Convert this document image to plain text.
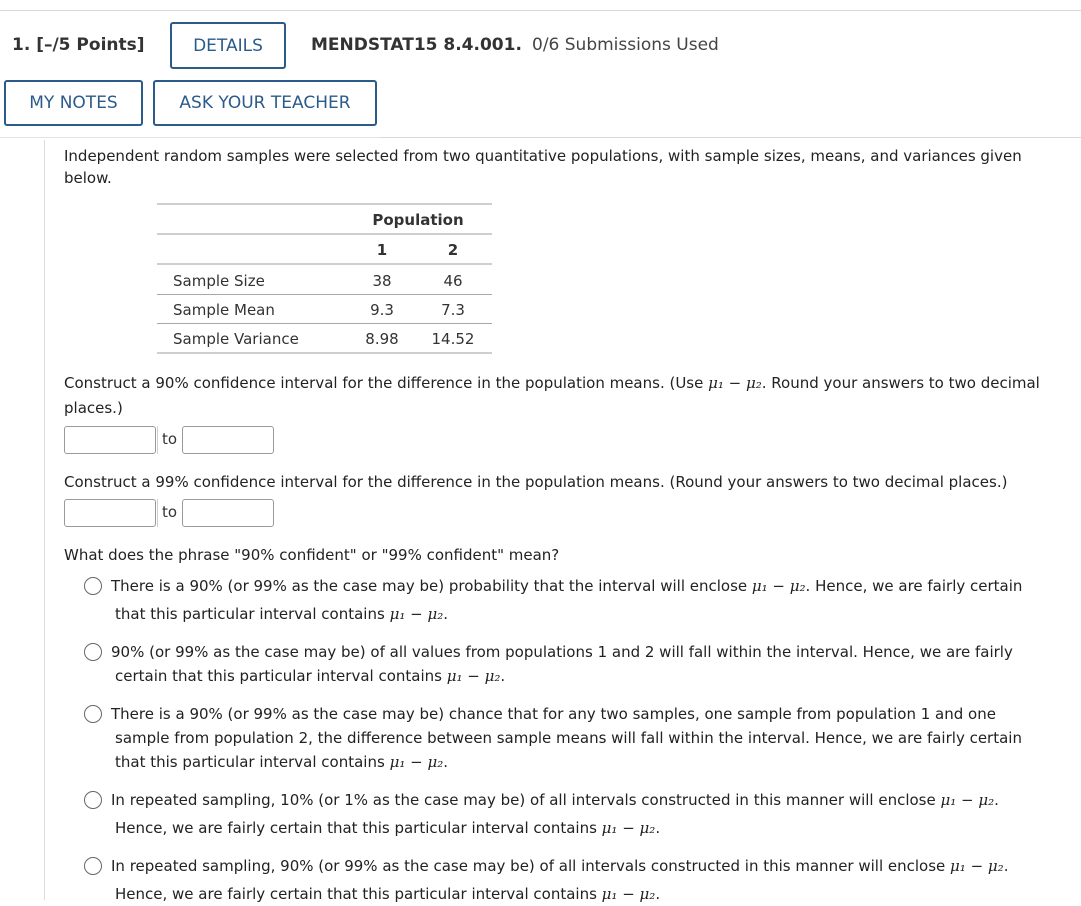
1. [–/5 Points]	DETAILS	MENDSTAT15 8.4.001. 0/6 Submissions Used
MY NOTES	ASK YOUR TEACHER
Independent random samples were selected from two quantitative populations, with sample sizes, means, and variances given
below.
Population
1	2
Sample Size	38	46
Sample Mean	9.3	7.3
Sample Variance	8.98	14.52
Construct a 90% confidence interval for the difference in the population means. (Use μ₁ − μ₂. Round your answers to two decimal
places.)
to
Construct a 99% confidence interval for the difference in the population means. (Round your answers to two decimal places.)
to
What does the phrase "90% confident" or "99% confident" mean?
There is a 90% (or 99% as the case may be) probability that the interval will enclose μ₁ − μ₂. Hence, we are fairly certain
that this particular interval contains μ₁ − μ₂.
90% (or 99% as the case may be) of all values from populations 1 and 2 will fall within the interval. Hence, we are fairly
certain that this particular interval contains μ₁ − μ₂.
There is a 90% (or 99% as the case may be) chance that for any two samples, one sample from population 1 and one
sample from population 2, the difference between sample means will fall within the interval. Hence, we are fairly certain
that this particular interval contains μ₁ − μ₂.
In repeated sampling, 10% (or 1% as the case may be) of all intervals constructed in this manner will enclose μ₁ − μ₂.
Hence, we are fairly certain that this particular interval contains μ₁ − μ₂.
In repeated sampling, 90% (or 99% as the case may be) of all intervals constructed in this manner will enclose μ₁ − μ₂.
Hence, we are fairly certain that this particular interval contains μ₁ − μ₂.
